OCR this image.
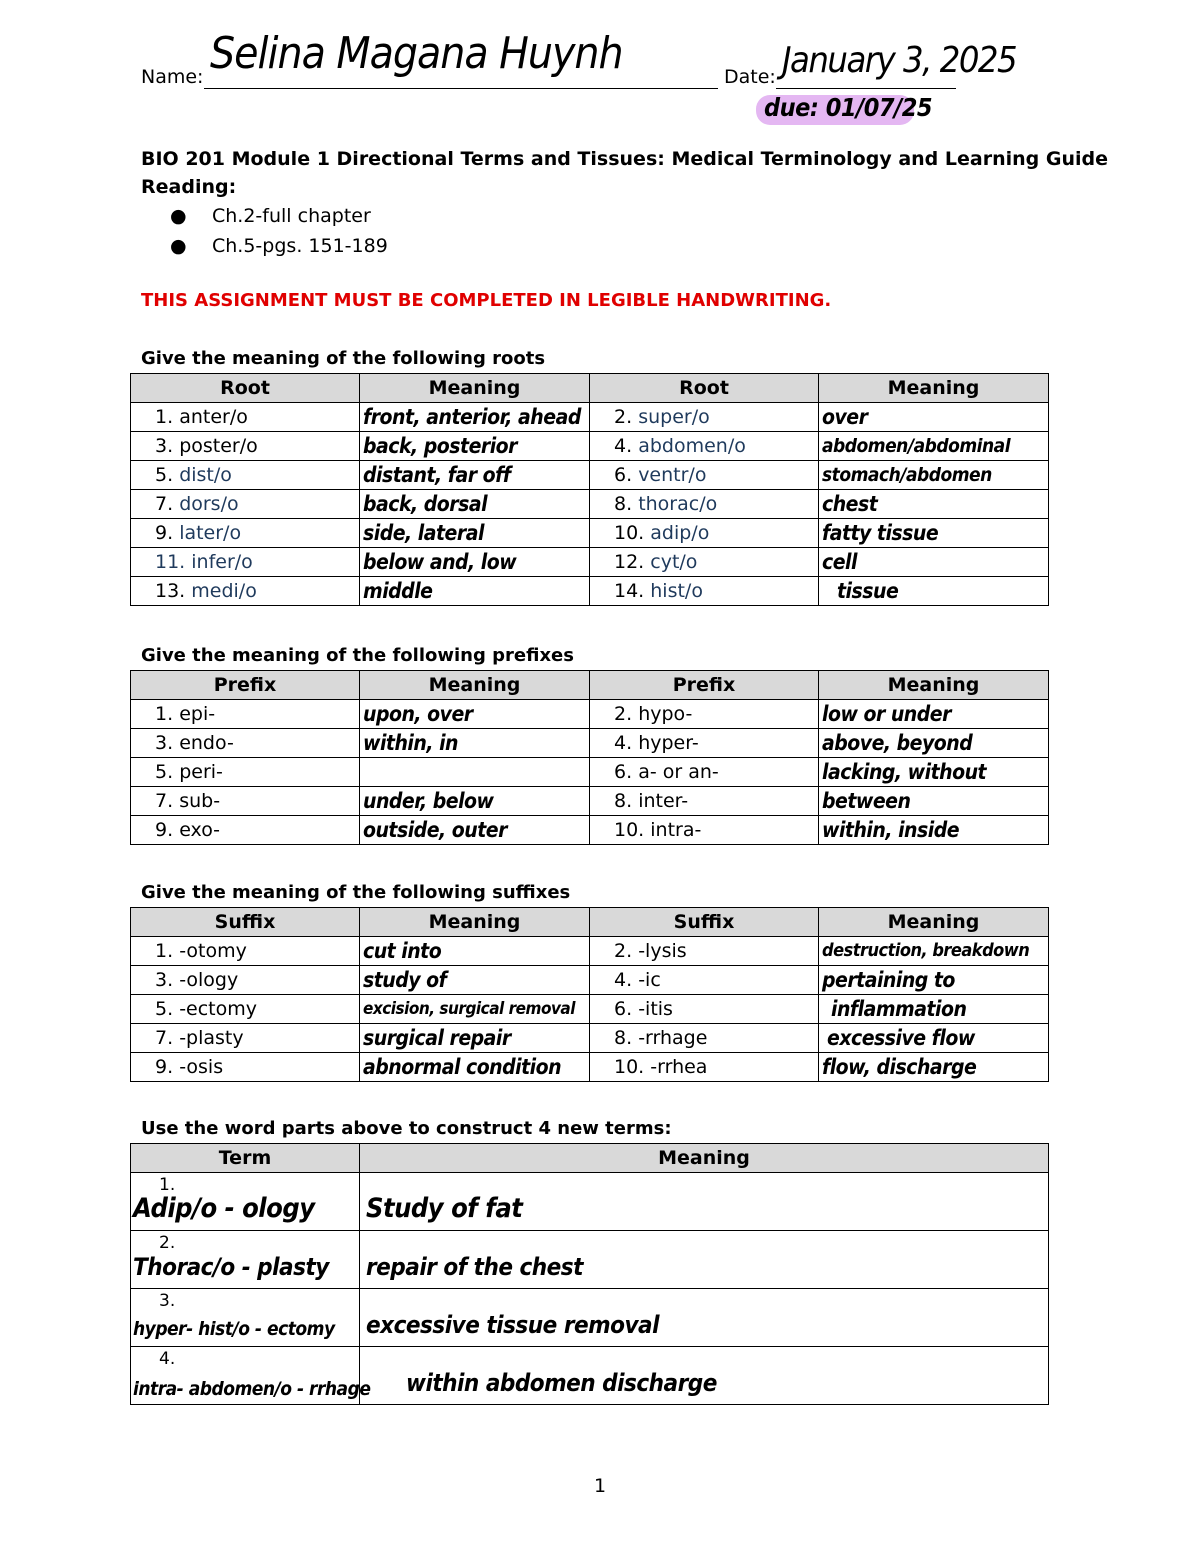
Name: Selina Magana Huynh	Date: January 3, 2025
due: 01/07/25
BIO 201 Module 1 Directional Terms and Tissues: Medical Terminology and Learning Guide
Reading:
● Ch.2-full chapter
● Ch.5-pgs. 151-189
THIS ASSIGNMENT MUST BE COMPLETED IN LEGIBLE HANDWRITING.
Give the meaning of the following roots
Root	Meaning	Root	Meaning
1. anter/o	front, anterior, ahead	2. super/o	over
3. poster/o	back, posterior	4. abdomen/o	abdomen/abdominal
5. dist/o	distant, far off	6. ventr/o	stomach/abdomen
7. dors/o	back, dorsal	8. thorac/o	chest
9. later/o	side, lateral	10. adip/o	fatty tissue
11. infer/o	below and, low	12. cyt/o	cell
13. medi/o	middle	14. hist/o	tissue
Give the meaning of the following prefixes
Prefix	Meaning	Prefix	Meaning
1. epi-	upon, over	2. hypo-	low or under
3. endo-	within, in	4. hyper-	above, beyond
5. peri-		6. a- or an-	lacking, without
7. sub-	under, below	8. inter-	between
9. exo-	outside, outer	10. intra-	within, inside
Give the meaning of the following suffixes
Suffix	Meaning	Suffix	Meaning
1. -otomy	cut into	2. -lysis	destruction, breakdown
3. -ology	study of	4. -ic	pertaining to
5. -ectomy	excision, surgical removal	6. -itis	inflammation
7. -plasty	surgical repair	8. -rrhage	excessive flow
9. -osis	abnormal condition	10. -rrhea	flow, discharge
Use the word parts above to construct 4 new terms:
Term	Meaning

1.
Adip/o - ology	Study of fat

2.
Thorac/o - plasty	repair of the chest

3.
hyper- hist/o - ectomy	excessive tissue removal

4.
intra- abdomen/o - rrhage	within abdomen discharge
1
